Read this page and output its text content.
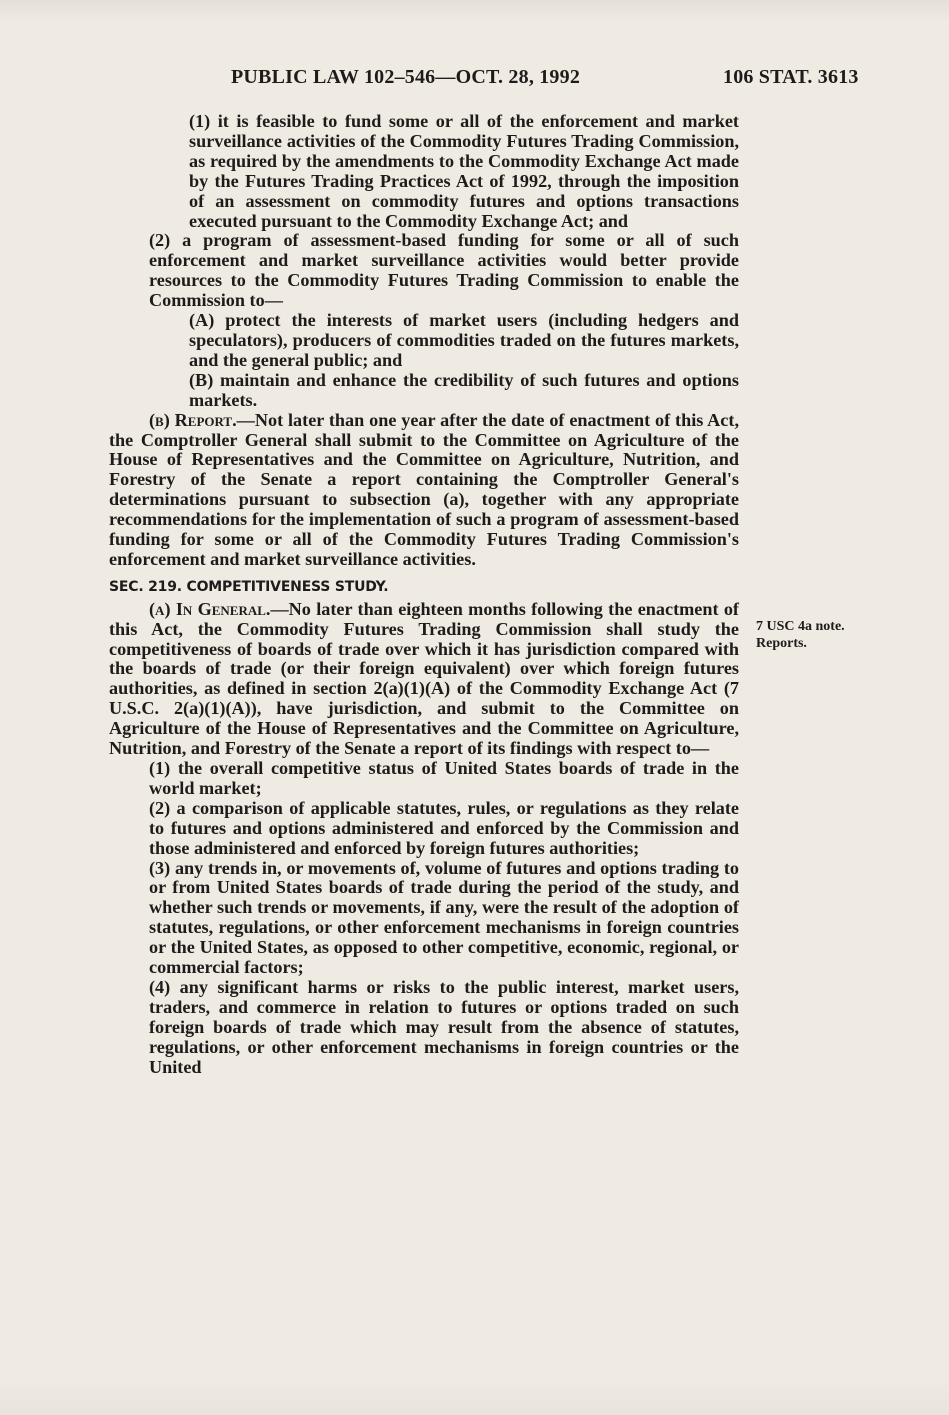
PUBLIC LAW 102–546—OCT. 28, 1992	106 STAT. 3613
7 USC 4a note.
Reports.

(1) it is feasible to fund some or all of the enforcement and market surveillance activities of the Commodity Futures Trading Commission, as required by the amendments to the Commodity Exchange Act made by the Futures Trading Practices Act of 1992, through the imposition of an assessment on commodity futures and options transactions executed pursuant to the Commodity Exchange Act; and

(2) a program of assessment-based funding for some or all of such enforcement and market surveillance activities would better provide resources to the Commodity Futures Trading Commission to enable the Commission to—

(A) protect the interests of market users (including hedgers and speculators), producers of commodities traded on the futures markets, and the general public; and

(B) maintain and enhance the credibility of such futures and options markets.

(b) Report.—Not later than one year after the date of enactment of this Act, the Comptroller General shall submit to the Committee on Agriculture of the House of Representatives and the Committee on Agriculture, Nutrition, and Forestry of the Senate a report containing the Comptroller General's determinations pursuant to subsection (a), together with any appropriate recommendations for the implementation of such a program of assessment-based funding for some or all of the Commodity Futures Trading Commission's enforcement and market surveillance activities.

SEC. 219. COMPETITIVENESS STUDY.

(a) In General.—No later than eighteen months following the enactment of this Act, the Commodity Futures Trading Commission shall study the competitiveness of boards of trade over which it has jurisdiction compared with the boards of trade (or their foreign equivalent) over which foreign futures authorities, as defined in section 2(a)(1)(A) of the Commodity Exchange Act (7 U.S.C. 2(a)(1)(A)), have jurisdiction, and submit to the Committee on Agriculture of the House of Representatives and the Committee on Agriculture, Nutrition, and Forestry of the Senate a report of its findings with respect to—

(1) the overall competitive status of United States boards of trade in the world market;

(2) a comparison of applicable statutes, rules, or regulations as they relate to futures and options administered and enforced by the Commission and those administered and enforced by foreign futures authorities;

(3) any trends in, or movements of, volume of futures and options trading to or from United States boards of trade during the period of the study, and whether such trends or movements, if any, were the result of the adoption of statutes, regulations, or other enforcement mechanisms in foreign countries or the United States, as opposed to other competitive, economic, regional, or commercial factors;

(4) any significant harms or risks to the public interest, market users, traders, and commerce in relation to futures or options traded on such foreign boards of trade which may result from the absence of statutes, regulations, or other enforcement mechanisms in foreign countries or the United
